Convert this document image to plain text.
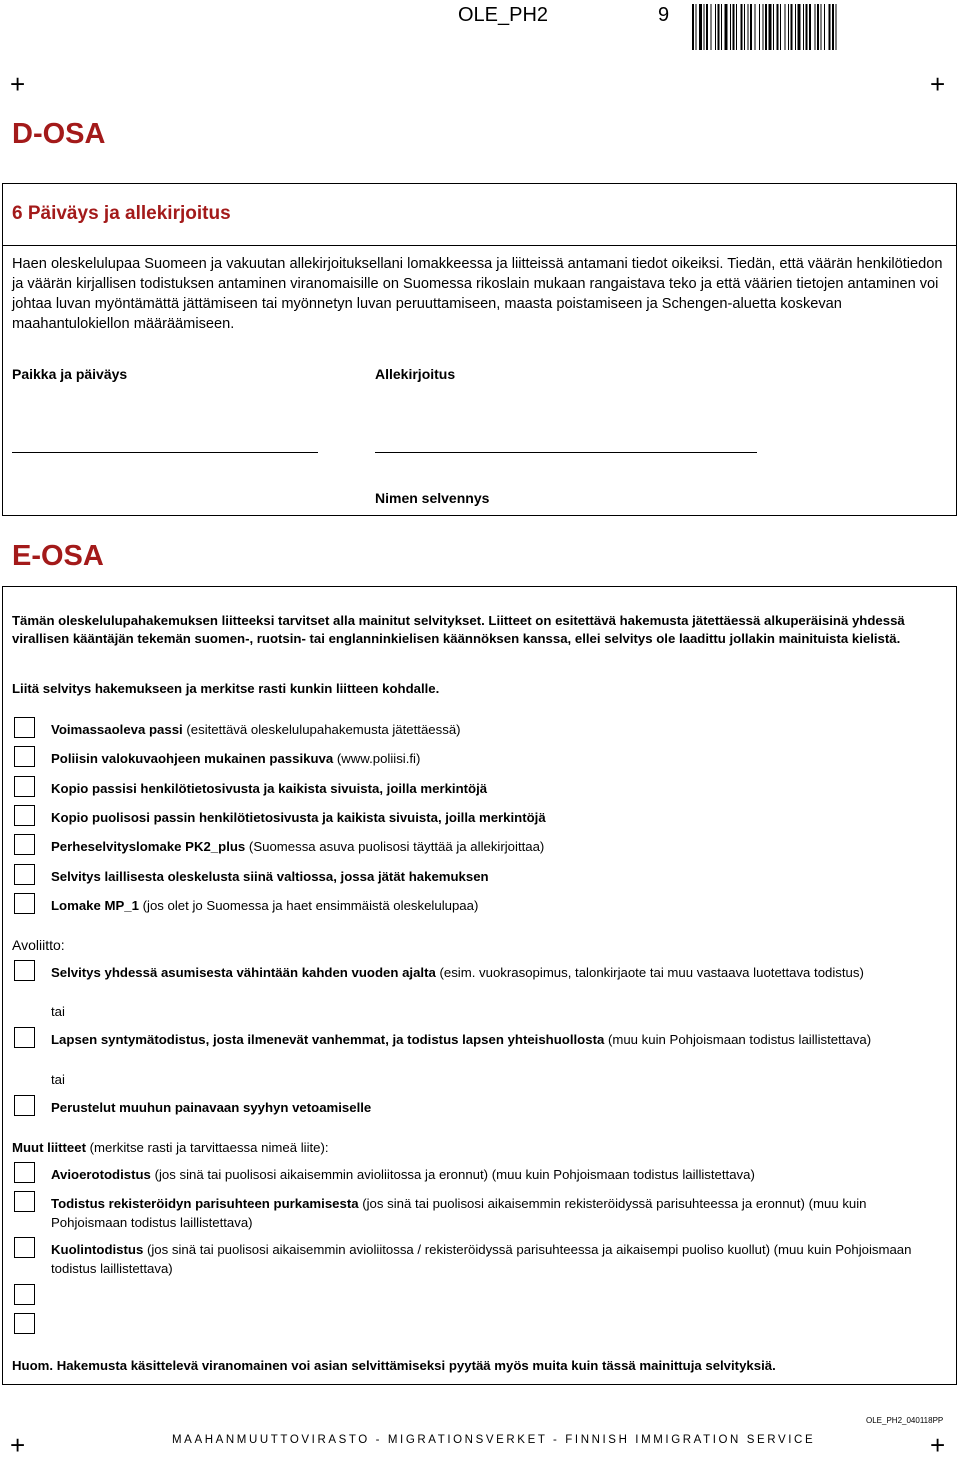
OLE_PH2	9
+	+
+	+
D-OSA
6 Päiväys ja allekirjoitus
Haen oleskelulupaa Suomeen ja vakuutan allekirjoituksellani lomakkeessa ja liitteissä antamani tiedot oikeiksi. Tiedän, että väärän henkilötiedon ja väärän kirjallisen todistuksen antaminen viranomaisille on Suomessa rikoslain mukaan rangaistava teko ja että väärien tietojen antaminen voi johtaa luvan myöntämättä jättämiseen tai myönnetyn luvan peruuttamiseen, maasta poistamiseen ja Schengen-aluetta koskevan maahantulokiellon määräämiseen.
Paikka ja päiväys	Allekirjoitus
Nimen selvennys
E-OSA
Tämän oleskelulupahakemuksen liitteeksi tarvitset alla mainitut selvitykset. Liitteet on esitettävä hakemusta jätettäessä alkuperäisinä yhdessä virallisen kääntäjän tekemän suomen-, ruotsin- tai englanninkielisen käännöksen kanssa, ellei selvitys ole laadittu jollakin mainituista kielistä.
Liitä selvitys hakemukseen ja merkitse rasti kunkin liitteen kohdalle.
Voimassaoleva passi (esitettävä oleskelulupahakemusta jätettäessä)
Poliisin valokuvaohjeen mukainen passikuva (www.poliisi.fi)
Kopio passisi henkilötietosivusta ja kaikista sivuista, joilla merkintöjä
Kopio puolisosi passin henkilötietosivusta ja kaikista sivuista, joilla merkintöjä
Perheselvityslomake PK2_plus (Suomessa asuva puolisosi täyttää ja allekirjoittaa)
Selvitys laillisesta oleskelusta siinä valtiossa, jossa jätät hakemuksen
Lomake MP_1 (jos olet jo Suomessa ja haet ensimmäistä oleskelulupaa)
Avoliitto:
Selvitys yhdessä asumisesta vähintään kahden vuoden ajalta (esim. vuokrasopimus, talonkirjaote tai muu vastaava luotettava todistus)
tai
Lapsen syntymätodistus, josta ilmenevät vanhemmat, ja todistus lapsen yhteishuollosta (muu kuin Pohjoismaan todistus laillistettava)
tai
Perustelut muuhun painavaan syyhyn vetoamiselle
Muut liitteet (merkitse rasti ja tarvittaessa nimeä liite):
Avioerotodistus (jos sinä tai puolisosi aikaisemmin avioliitossa ja eronnut) (muu kuin Pohjoismaan todistus laillistettava)
Todistus rekisteröidyn parisuhteen purkamisesta (jos sinä tai puolisosi aikaisemmin rekisteröidyssä parisuhteessa ja eronnut) (muu kuin Pohjoismaan todistus laillistettava)
Kuolintodistus (jos sinä tai puolisosi aikaisemmin avioliitossa / rekisteröidyssä parisuhteessa ja aikaisempi puoliso kuollut) (muu kuin Pohjoismaan todistus laillistettava)
Huom. Hakemusta käsittelevä viranomainen voi asian selvittämiseksi pyytää myös muita kuin tässä mainittuja selvityksiä.
OLE_PH2_040118PP
MAAHANMUUTTOVIRASTO - MIGRATIONSVERKET - FINNISH IMMIGRATION SERVICE
